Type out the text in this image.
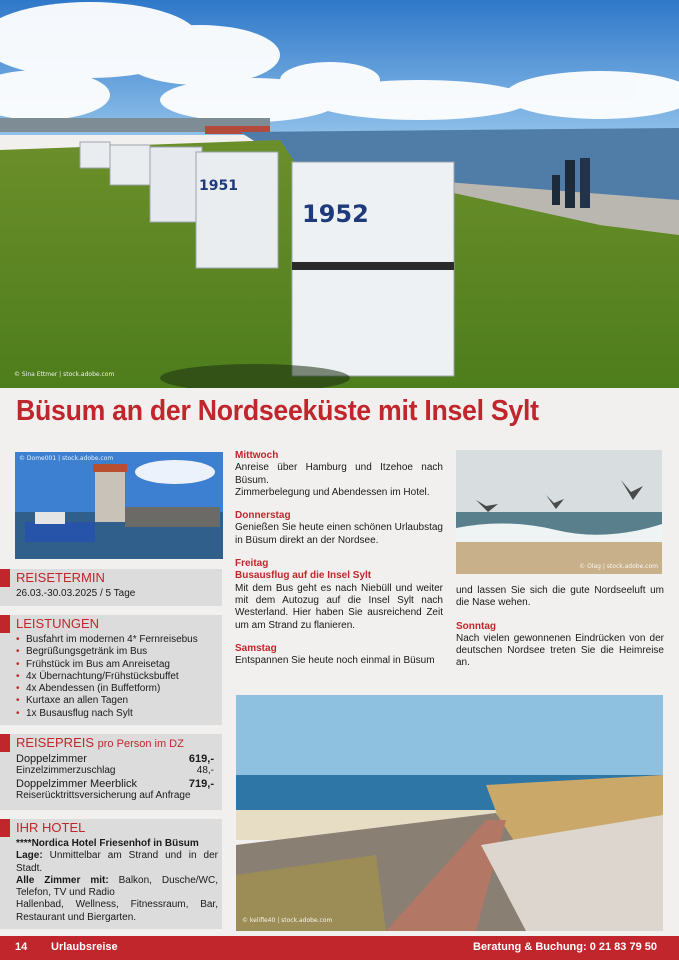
1952
1951
© Sina Ettmer | stock.adobe.com
Büsum an der Nordseeküste mit Insel Sylt
© Dome001 | stock.adobe.com
REISETERMIN
26.03.-30.03.2025 / 5 Tage
LEISTUNGEN
• Busfahrt im modernen 4* Fernreisebus
• Begrüßungsgetränk im Bus
• Frühstück im Bus am Anreisetag
• 4x Übernachtung/Frühstücksbuffet
• 4x Abendessen (in Buffetform)
• Kurtaxe an allen Tagen
• 1x Busausflug nach Sylt
REISEPREIS pro Person im DZ
Doppelzimmer	619,-
Einzelzimmerzuschlag	48,-
Doppelzimmer Meerblick	719,-
Reiserücktrittsversicherung auf Anfrage
IHR HOTEL
****Nordica Hotel Friesenhof in Büsum
Lage: Unmittelbar am Strand und in der Stadt.
Alle Zimmer mit: Balkon, Dusche/WC, Telefon, TV und Radio
Hallenbad, Wellness, Fitnessraum, Bar, Restaurant und Biergarten.
Mittwoch
Anreise über Hamburg und Itzehoe nach Büsum.
Zimmerbelegung und Abendessen im Hotel.
Donnerstag
Genießen Sie heute einen schönen Urlaubstag in Büsum direkt an der Nordsee.
Freitag
Busausflug auf die Insel Sylt
Mit dem Bus geht es nach Niebüll und weiter mit dem Autozug auf die Insel Sylt nach Westerland. Hier haben Sie ausreichend Zeit um am Strand zu flanieren.
Samstag
Entspannen Sie heute noch einmal in Büsum
© Olag | stock.adobe.com
und lassen Sie sich die gute Nordseeluft um die Nase wehen.
Sonntag
Nach vielen gewonnenen Eindrücken von der deutschen Nordsee treten Sie die Heimreise an.
© kelifle40 | stock.adobe.com
14 Urlaubsreise	Beratung & Buchung: 0 21 83 79 50
